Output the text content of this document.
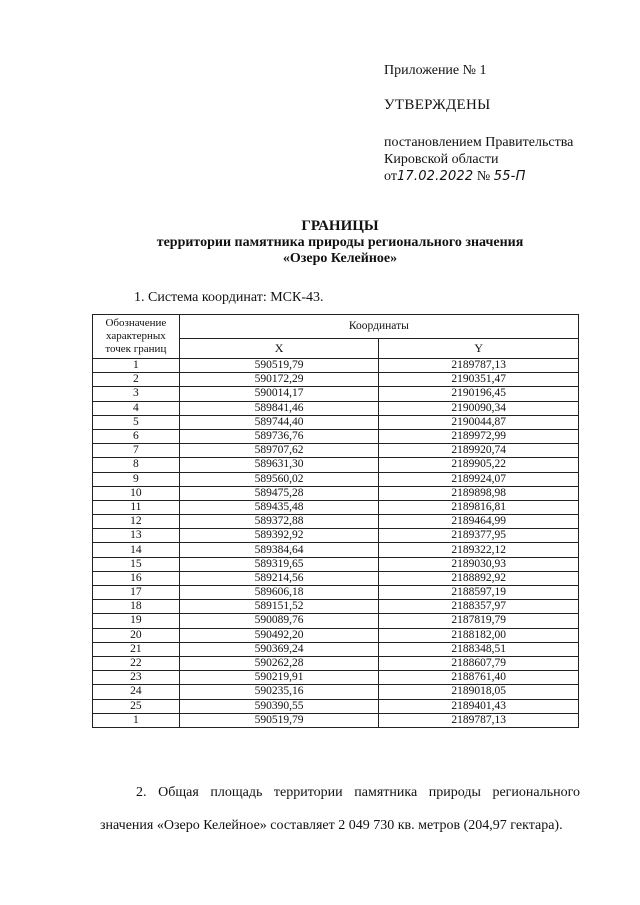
Приложение № 1
УТВЕРЖДЕНЫ
постановлением Правительства
Кировской области
от17.02.2022 № 55-П
ГРАНИЦЫ
территории памятника природы регионального значения
«Озеро Келейное»
1. Система координат: МСК-43.
Обозначение характерных точек границ	Координаты	
	X	Y
1	590519,79	2189787,13
2	590172,29	2190351,47
3	590014,17	2190196,45
4	589841,46	2190090,34
5	589744,40	2190044,87
6	589736,76	2189972,99
7	589707,62	2189920,74
8	589631,30	2189905,22
9	589560,02	2189924,07
10	589475,28	2189898,98
11	589435,48	2189816,81
12	589372,88	2189464,99
13	589392,92	2189377,95
14	589384,64	2189322,12
15	589319,65	2189030,93
16	589214,56	2188892,92
17	589606,18	2188597,19
18	589151,52	2188357,97
19	590089,76	2187819,79
20	590492,20	2188182,00
21	590369,24	2188348,51
22	590262,28	2188607,79
23	590219,91	2188761,40
24	590235,16	2189018,05
25	590390,55	2189401,43
1	590519,79	2189787,13
2. Общая площадь территории памятника природы регионального
значения «Озеро Келейное» составляет 2 049 730 кв. метров (204,97 гектара).
